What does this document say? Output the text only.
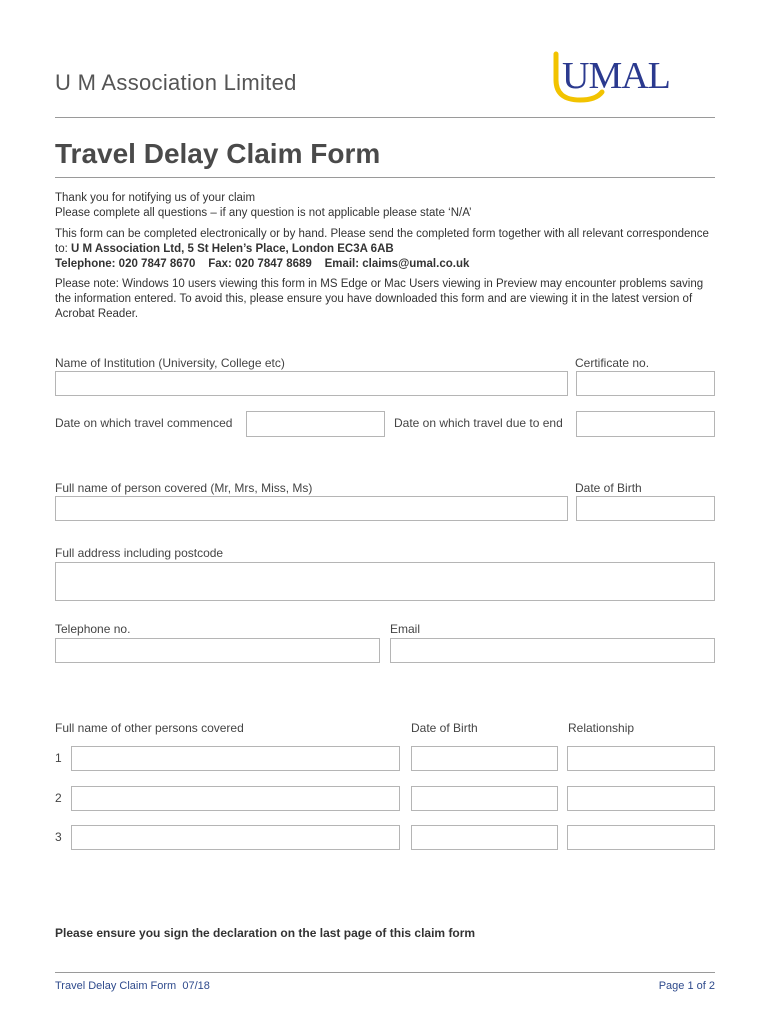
U M Association Limited	UMAL
Travel Delay Claim Form

Thank you for notifying us of your claim

Please complete all questions – if any question is not applicable please state ‘N/A’

This form can be completed electronically or by hand. Please send the completed form together with all relevant correspondence to: U M Association Ltd, 5 St Helen’s Place, London EC3A 6AB

Telephone: 020 7847 8670    Fax: 020 7847 8689    Email: claims@umal.co.uk

Please note: Windows 10 users viewing this form in MS Edge or Mac Users viewing in Preview may encounter problems saving the information entered. To avoid this, please ensure you have downloaded this form and are viewing it in the latest version of Acrobat Reader.

Name of Institution (University, College etc)	Certificate no.
Date on which travel commenced	Date on which travel due to end
Full name of person covered (Mr, Mrs, Miss, Ms)	Date of Birth
Full address including postcode
Telephone no.	Email
Full name of other persons covered	Date of Birth	Relationship
1
2
3
Please ensure you sign the declaration on the last page of this claim form
Travel Delay Claim Form  07/18	Page 1 of 2
